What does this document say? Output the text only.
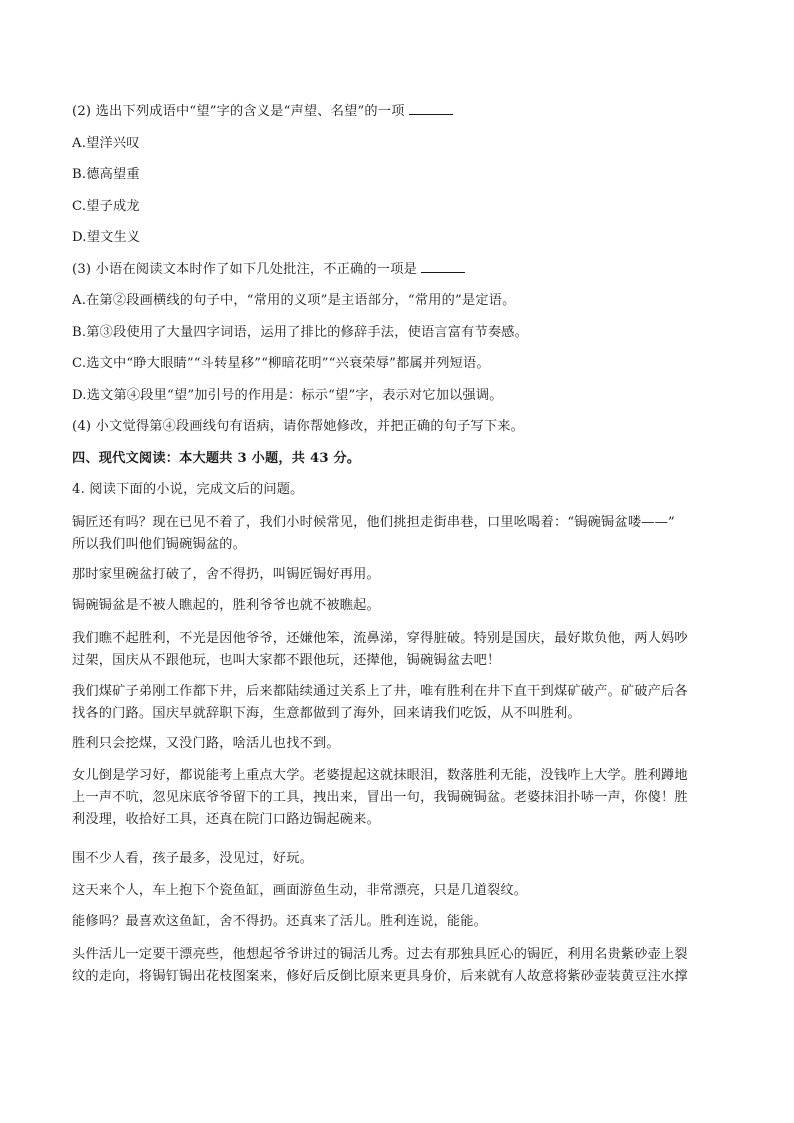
(2) 选出下列成语中“望”字的含义是“声望、名望”的一项

A.望洋兴叹

B.德高望重

C.望子成龙

D.望文生义

(3) 小语在阅读文本时作了如下几处批注，不正确的一项是

A.在第②段画横线的句子中，“常用的义项”是主语部分，“常用的”是定语。

B.第③段使用了大量四字词语，运用了排比的修辞手法，使语言富有节奏感。

C.选文中“睁大眼睛”“斗转星移”“柳暗花明”“兴衰荣辱”都属并列短语。

D.选文第④段里“望”加引号的作用是：标示“望”字，表示对它加以强调。

(4) 小文觉得第④段画线句有语病，请你帮她修改，并把正确的句子写下来。

四、现代文阅读：本大题共 3 小题，共 43 分。

4. 阅读下面的小说，完成文后的问题。

锔匠还有吗？现在已见不着了，我们小时候常见，他们挑担走街串巷，口里吆喝着：“锔碗锔盆喽——”
所以我们叫他们锔碗锔盆的。

那时家里碗盆打破了，舍不得扔，叫锔匠锔好再用。

锔碗锔盆是不被人瞧起的，胜利爷爷也就不被瞧起。

我们瞧不起胜利，不光是因他爷爷，还嫌他笨，流鼻涕，穿得脏破。特别是国庆，最好欺负他，两人妈吵
过架，国庆从不跟他玩，也叫大家都不跟他玩，还撵他，锔碗锔盆去吧！

我们煤矿子弟刚工作都下井，后来都陆续通过关系上了井，唯有胜利在井下直干到煤矿破产。矿破产后各
找各的门路。国庆早就辞职下海，生意都做到了海外，回来请我们吃饭，从不叫胜利。

胜利只会挖煤，又没门路，啥活儿也找不到。

女儿倒是学习好，都说能考上重点大学。老婆提起这就抹眼泪，数落胜利无能，没钱咋上大学。胜利蹲地
上一声不吭，忽见床底爷爷留下的工具，拽出来，冒出一句，我锔碗锔盆。老婆抹泪扑哧一声，你傻！胜
利没理，收拾好工具，还真在院门口路边锔起碗来。

围不少人看，孩子最多，没见过，好玩。

这天来个人，车上抱下个瓷鱼缸，画面游鱼生动，非常漂亮，只是几道裂纹。

能修吗？最喜欢这鱼缸，舍不得扔。还真来了活儿。胜利连说，能能。

头件活儿一定要干漂亮些，他想起爷爷讲过的锔活儿秀。过去有那独具匠心的锔匠，利用名贵紫砂壶上裂
纹的走向，将锔钉锔出花枝图案来，修好后反倒比原来更具身价，后来就有人故意将紫砂壶装黄豆注水撑
